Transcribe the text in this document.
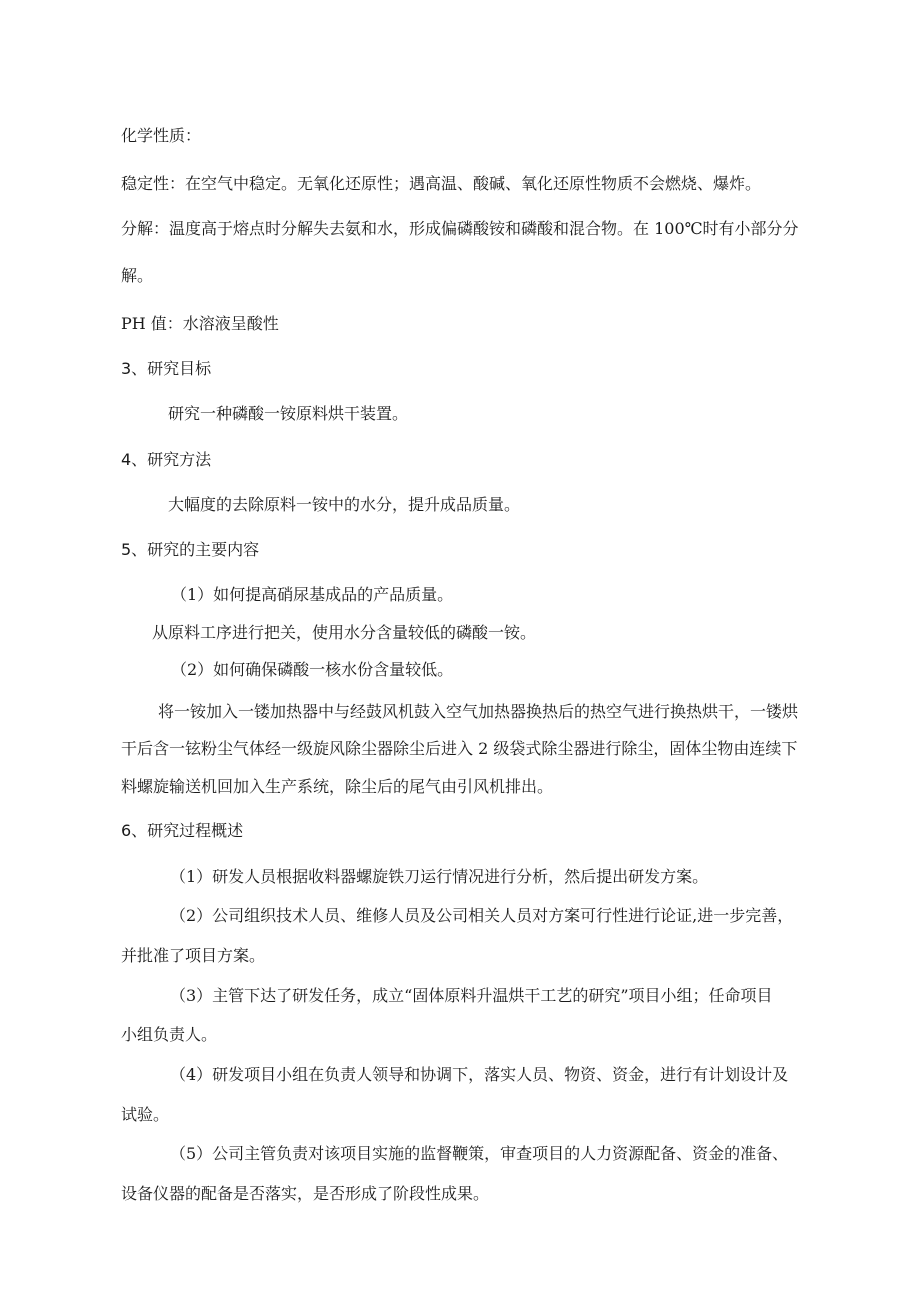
化学性质：
稳定性：在空气中稳定。无氧化还原性；遇高温、酸碱、氧化还原性物质不会燃烧、爆炸。
分解：温度高于熔点时分解失去氨和水，形成偏磷酸铵和磷酸和混合物。在 100℃时有小部分分
解。
PH 值：水溶液呈酸性
3、研究目标
研究一种磷酸一铵原料烘干装置。
4、研究方法
大幅度的去除原料一铵中的水分，提升成品质量。
5、研究的主要内容
（1）如何提高硝尿基成品的产品质量。
从原料工序进行把关，使用水分含量较低的磷酸一铵。
（2）如何确保磷酸一核水份含量较低。
将一铵加入一镂加热器中与经鼓风机鼓入空气加热器换热后的热空气进行换热烘干，一镂烘
干后含一铉粉尘气体经一级旋风除尘器除尘后进入 2 级袋式除尘器进行除尘，固体尘物由连续下
料螺旋输送机回加入生产系统，除尘后的尾气由引风机排出。
6、研究过程概述
（1）研发人员根据收料器螺旋铁刀运行情况进行分析，然后提出研发方案。
（2）公司组织技术人员、维修人员及公司相关人员对方案可行性进行论证,进一步完善，
并批准了项目方案。
（3）主管下达了研发任务，成立“固体原料升温烘干工艺的研究”项目小组；任命项目
小组负责人。
（4）研发项目小组在负责人领导和协调下，落实人员、物资、资金，进行有计划设计及
试验。
（5）公司主管负责对该项目实施的监督鞭策，审查项目的人力资源配备、资金的准备、
设备仪器的配备是否落实，是否形成了阶段性成果。
